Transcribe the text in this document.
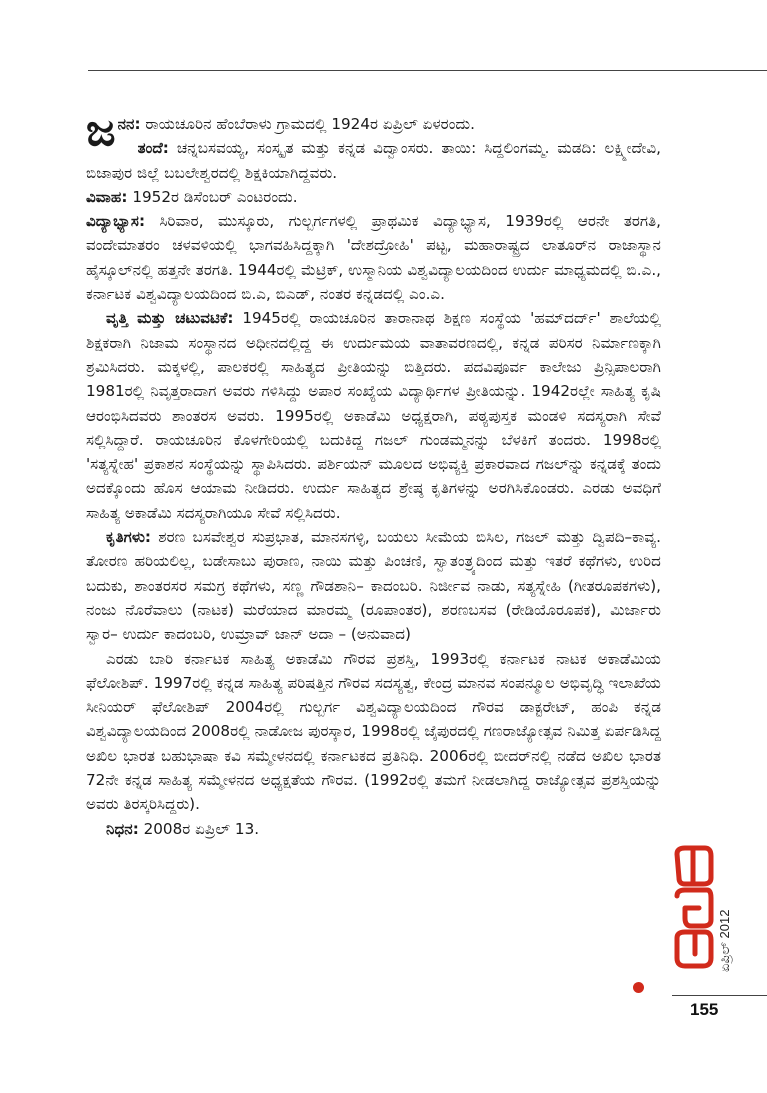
ಜನನ: ರಾಯಚೂರಿನ ಹೆಂಬೆರಾಳು ಗ್ರಾಮದಲ್ಲಿ 1924ರ ಏಪ್ರಿಲ್ ಏಳರಂದು.

ತಂದೆ: ಚನ್ನಬಸವಯ್ಯ, ಸಂಸ್ಕೃತ ಮತ್ತು ಕನ್ನಡ ವಿದ್ವಾಂಸರು. ತಾಯಿ: ಸಿದ್ದಲಿಂಗಮ್ಮ. ಮಡದಿ: ಲಕ್ಷ್ಮೀದೇವಿ, ಬಿಜಾಪುರ ಜಿಲ್ಲೆ ಬಬಲೇಶ್ವರದಲ್ಲಿ ಶಿಕ್ಷಕಿಯಾಗಿದ್ದವರು.

ವಿವಾಹ: 1952ರ ಡಿಸೆಂಬರ್ ಎಂಟರಂದು.

ವಿದ್ಯಾಭ್ಯಾಸ: ಸಿರಿವಾರ, ಮುಸ್ಕೂರು, ಗುಲ್ಬರ್ಗಗಳಲ್ಲಿ ಪ್ರಾಥಮಿಕ ವಿದ್ಯಾಭ್ಯಾಸ, 1939ರಲ್ಲಿ ಆರನೇ ತರಗತಿ, ವಂದೇಮಾತರಂ ಚಳವಳಿಯಲ್ಲಿ ಭಾಗವಹಿಸಿದ್ದಕ್ಕಾಗಿ 'ದೇಶದ್ರೋಹಿ' ಪಟ್ಟ, ಮಹಾರಾಷ್ಟ್ರದ ಲಾತೂರ್‌ನ ರಾಜಾಸ್ಥಾನ ಹೈಸ್ಕೂಲ್‌ನಲ್ಲಿ ಹತ್ತನೇ ತರಗತಿ. 1944ರಲ್ಲಿ ಮೆಟ್ರಿಕ್, ಉಸ್ಮಾನಿಯ ವಿಶ್ವವಿದ್ಯಾಲಯದಿಂದ ಉರ್ದು ಮಾಧ್ಯಮದಲ್ಲಿ ಬಿ.ಎ., ಕರ್ನಾಟಕ ವಿಶ್ವವಿದ್ಯಾಲಯದಿಂದ ಬಿ.ಎ, ಬಿಎಡ್, ನಂತರ ಕನ್ನಡದಲ್ಲಿ ಎಂ.ಎ.

ವೃತ್ತಿ ಮತ್ತು ಚಟುವಟಿಕೆ: 1945ರಲ್ಲಿ ರಾಯಚೂರಿನ ತಾರಾನಾಥ ಶಿಕ್ಷಣ ಸಂಸ್ಥೆಯ 'ಹಮ್‌ದರ್ದ್' ಶಾಲೆಯಲ್ಲಿ ಶಿಕ್ಷಕರಾಗಿ ನಿಜಾಮ ಸಂಸ್ಥಾನದ ಅಧೀನದಲ್ಲಿದ್ದ ಈ ಉರ್ದುಮಯ ವಾತಾವರಣದಲ್ಲಿ, ಕನ್ನಡ ಪರಿಸರ ನಿರ್ಮಾಣಕ್ಕಾಗಿ ಶ್ರಮಿಸಿದರು. ಮಕ್ಕಳಲ್ಲಿ, ಪಾಲಕರಲ್ಲಿ ಸಾಹಿತ್ಯದ ಪ್ರೀತಿಯನ್ನು ಬಿತ್ತಿದರು. ಪದವಿಪೂರ್ವ ಕಾಲೇಜು ಪ್ರಿನ್ಸಿಪಾಲರಾಗಿ 1981ರಲ್ಲಿ ನಿವೃತ್ತರಾದಾಗ ಅವರು ಗಳಿಸಿದ್ದು ಅಪಾರ ಸಂಖ್ಯೆಯ ವಿದ್ಯಾರ್ಥಿಗಳ ಪ್ರೀತಿಯನ್ನು. 1942ರಲ್ಲೇ ಸಾಹಿತ್ಯ ಕೃಷಿ ಆರಂಭಿಸಿದವರು ಶಾಂತರಸ ಅವರು. 1995ರಲ್ಲಿ ಅಕಾಡೆಮಿ ಅಧ್ಯಕ್ಷರಾಗಿ, ಪಠ್ಯಪುಸ್ತಕ ಮಂಡಳಿ ಸದಸ್ಯರಾಗಿ ಸೇವೆ ಸಲ್ಲಿಸಿದ್ದಾರೆ. ರಾಯಚೂರಿನ ಕೊಳಗೇರಿಯಲ್ಲಿ ಬದುಕಿದ್ದ ಗಜಲ್ ಗುಂಡಮ್ಮನನ್ನು ಬೆಳಕಿಗೆ ತಂದರು. 1998ರಲ್ಲಿ 'ಸತ್ಯಸ್ನೇಹ' ಪ್ರಕಾಶನ ಸಂಸ್ಥೆಯನ್ನು ಸ್ಥಾಪಿಸಿದರು. ಪರ್ಶಿಯನ್ ಮೂಲದ ಅಭಿವ್ಯಕ್ತಿ ಪ್ರಕಾರವಾದ ಗಜಲ್‌ನ್ನು ಕನ್ನಡಕ್ಕೆ ತಂದು ಅದಕ್ಕೊಂದು ಹೊಸ ಆಯಾಮ ನೀಡಿದರು. ಉರ್ದು ಸಾಹಿತ್ಯದ ಶ್ರೇಷ್ಠ ಕೃತಿಗಳನ್ನು ಅರಗಿಸಿಕೊಂಡರು. ಎರಡು ಅವಧಿಗೆ ಸಾಹಿತ್ಯ ಅಕಾಡೆಮಿ ಸದಸ್ಯರಾಗಿಯೂ ಸೇವೆ ಸಲ್ಲಿಸಿದರು.

ಕೃತಿಗಳು: ಶರಣ ಬಸವೇಶ್ವರ ಸುಪ್ರಭಾತ, ಮಾನಸಗಳ್ಳಿ, ಬಯಲು ಸೀಮೆಯ ಬಿಸಿಲ, ಗಜಲ್ ಮತ್ತು ದ್ವಿಪದಿ–ಕಾವ್ಯ. ತೋರಣ ಹರಿಯಲಿಲ್ಲ, ಬಡೇಸಾಬು ಪುರಾಣ, ನಾಯಿ ಮತ್ತು ಪಿಂಚಣಿ, ಸ್ವಾತಂತ್ರ್ಯದಿಂದ ಮತ್ತು ಇತರೆ ಕಥೆಗಳು, ಉರಿದ ಬದುಕು, ಶಾಂತರಸರ ಸಮಗ್ರ ಕಥೆಗಳು, ಸಣ್ಣ ಗೌಡಶಾನಿ– ಕಾದಂಬರಿ. ನಿರ್ಜೀವ ನಾಡು, ಸತ್ಯಸ್ನೇಹಿ (ಗೀತರೂಪಕಗಳು), ನಂಜು ನೊರೆವಾಲು (ನಾಟಕ) ಮರೆಯಾದ ಮಾರಮ್ಮ (ರೂಪಾಂತರ), ಶರಣಬಸವ (ರೇಡಿಯೊರೂಪಕ), ಮಿರ್ಜಾರು ಸ್ವಾರ– ಉರ್ದು ಕಾದಂಬರಿ, ಉಮ್ರಾವ್ ಜಾನ್ ಅದಾ – (ಅನುವಾದ)

ಎರಡು ಬಾರಿ ಕರ್ನಾಟಕ ಸಾಹಿತ್ಯ ಅಕಾಡೆಮಿ ಗೌರವ ಪ್ರಶಸ್ತಿ, 1993ರಲ್ಲಿ ಕರ್ನಾಟಕ ನಾಟಕ ಅಕಾಡೆಮಿಯ ಫೆಲೋಶಿಪ್. 1997ರಲ್ಲಿ ಕನ್ನಡ ಸಾಹಿತ್ಯ ಪರಿಷತ್ತಿನ ಗೌರವ ಸದಸ್ಯತ್ವ, ಕೇಂದ್ರ ಮಾನವ ಸಂಪನ್ಮೂಲ ಅಭಿವೃದ್ಧಿ ಇಲಾಖೆಯ ಸೀನಿಯರ್ ಫೆಲೋಶಿಪ್ 2004ರಲ್ಲಿ ಗುಲ್ಬರ್ಗ ವಿಶ್ವವಿದ್ಯಾಲಯದಿಂದ ಗೌರವ ಡಾಕ್ಟರೇಟ್, ಹಂಪಿ ಕನ್ನಡ ವಿಶ್ವವಿದ್ಯಾಲಯದಿಂದ 2008ರಲ್ಲಿ ನಾಡೋಜ ಪುರಸ್ಕಾರ, 1998ರಲ್ಲಿ ಜೈಪುರದಲ್ಲಿ ಗಣರಾಜ್ಯೋತ್ಸವ ನಿಮಿತ್ತ ಏರ್ಪಡಿಸಿದ್ದ ಅಖಿಲ ಭಾರತ ಬಹುಭಾಷಾ ಕವಿ ಸಮ್ಮೇಳನದಲ್ಲಿ ಕರ್ನಾಟಕದ ಪ್ರತಿನಿಧಿ. 2006ರಲ್ಲಿ ಬೀದರ್‌ನಲ್ಲಿ ನಡೆದ ಅಖಿಲ ಭಾರತ 72ನೇ ಕನ್ನಡ ಸಾಹಿತ್ಯ ಸಮ್ಮೇಳನದ ಅಧ್ಯಕ್ಷತೆಯ ಗೌರವ. (1992ರಲ್ಲಿ ತಮಗೆ ನೀಡಲಾಗಿದ್ದ ರಾಜ್ಯೋತ್ಸವ ಪ್ರಶಸ್ತಿಯನ್ನು ಅವರು ತಿರಸ್ಕರಿಸಿದ್ದರು).

ನಿಧನ: 2008ರ ಏಪ್ರಿಲ್ 13.

ಏಪ್ರಿಲ್ 2012
155
